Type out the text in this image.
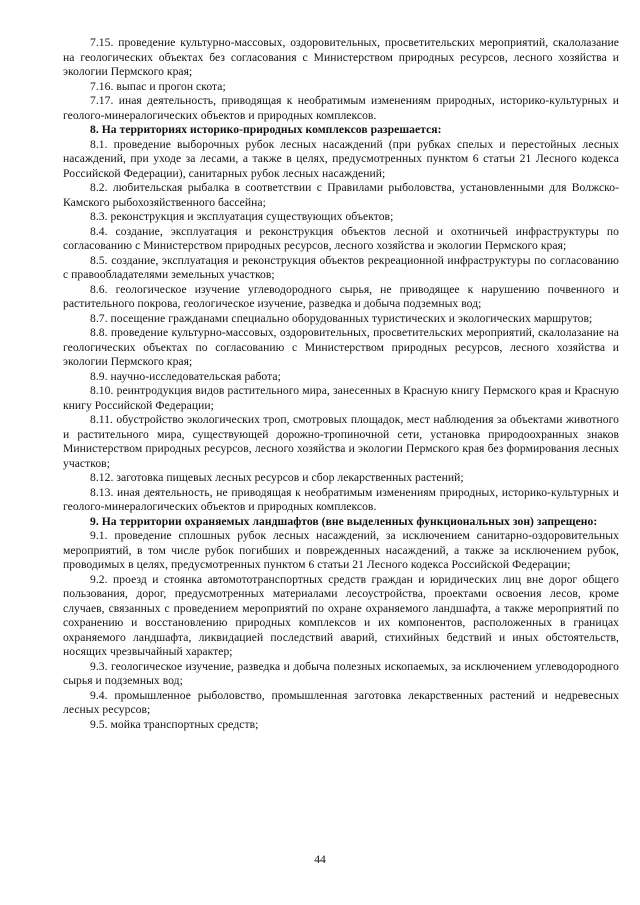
7.15. проведение культурно-массовых, оздоровительных, просветительских мероприятий, скалолазание на геологических объектах без согласования с Министерством природных ресурсов, лесного хозяйства и экологии Пермского края;

7.16. выпас и прогон скота;

7.17. иная деятельность, приводящая к необратимым изменениям природных, историко-культурных и геолого-минералогических объектов и природных комплексов.

8. На территориях историко-природных комплексов разрешается:

8.1. проведение выборочных рубок лесных насаждений (при рубках спелых и перестойных лесных насаждений, при уходе за лесами, а также в целях, предусмотренных пунктом 6 статьи 21 Лесного кодекса Российской Федерации), санитарных рубок лесных насаждений;

8.2. любительская рыбалка в соответствии с Правилами рыболовства, установленными для Волжско-Камского рыбохозяйственного бассейна;

8.3. реконструкция и эксплуатация существующих объектов;

8.4. создание, эксплуатация и реконструкция объектов лесной и охотничьей инфраструктуры по согласованию с Министерством природных ресурсов, лесного хозяйства и экологии Пермского края;

8.5. создание, эксплуатация и реконструкция объектов рекреационной инфраструктуры по согласованию с правообладателями земельных участков;

8.6. геологическое изучение углеводородного сырья, не приводящее к нарушению почвенного и растительного покрова, геологическое изучение, разведка и добыча подземных вод;

8.7. посещение гражданами специально оборудованных туристических и экологических маршрутов;

8.8. проведение культурно-массовых, оздоровительных, просветительских мероприятий, скалолазание на геологических объектах по согласованию с Министерством природных ресурсов, лесного хозяйства и экологии Пермского края;

8.9. научно-исследовательская работа;

8.10. реинтродукция видов растительного мира, занесенных в Красную книгу Пермского края и Красную книгу Российской Федерации;

8.11. обустройство экологических троп, смотровых площадок, мест наблюдения за объектами животного и растительного мира, существующей дорожно-тропиночной сети, установка природоохранных знаков Министерством природных ресурсов, лесного хозяйства и экологии Пермского края без формирования лесных участков;

8.12. заготовка пищевых лесных ресурсов и сбор лекарственных растений;

8.13. иная деятельность, не приводящая к необратимым изменениям природных, историко-культурных и геолого-минералогических объектов и природных комплексов.

9. На территории охраняемых ландшафтов (вне выделенных функциональных зон) запрещено:

9.1. проведение сплошных рубок лесных насаждений, за исключением санитарно-оздоровительных мероприятий, в том числе рубок погибших и поврежденных насаждений, а также за исключением рубок, проводимых в целях, предусмотренных пунктом 6 статьи 21 Лесного кодекса Российской Федерации;

9.2. проезд и стоянка автомототранспортных средств граждан и юридических лиц вне дорог общего пользования, дорог, предусмотренных материалами лесоустройства, проектами освоения лесов, кроме случаев, связанных с проведением мероприятий по охране охраняемого ландшафта, а также мероприятий по сохранению и восстановлению природных комплексов и их компонентов, расположенных в границах охраняемого ландшафта, ликвидацией последствий аварий, стихийных бедствий и иных обстоятельств, носящих чрезвычайный характер;

9.3. геологическое изучение, разведка и добыча полезных ископаемых, за исключением углеводородного сырья и подземных вод;

9.4. промышленное рыболовство, промышленная заготовка лекарственных растений и недревесных лесных ресурсов;

9.5. мойка транспортных средств;

44
